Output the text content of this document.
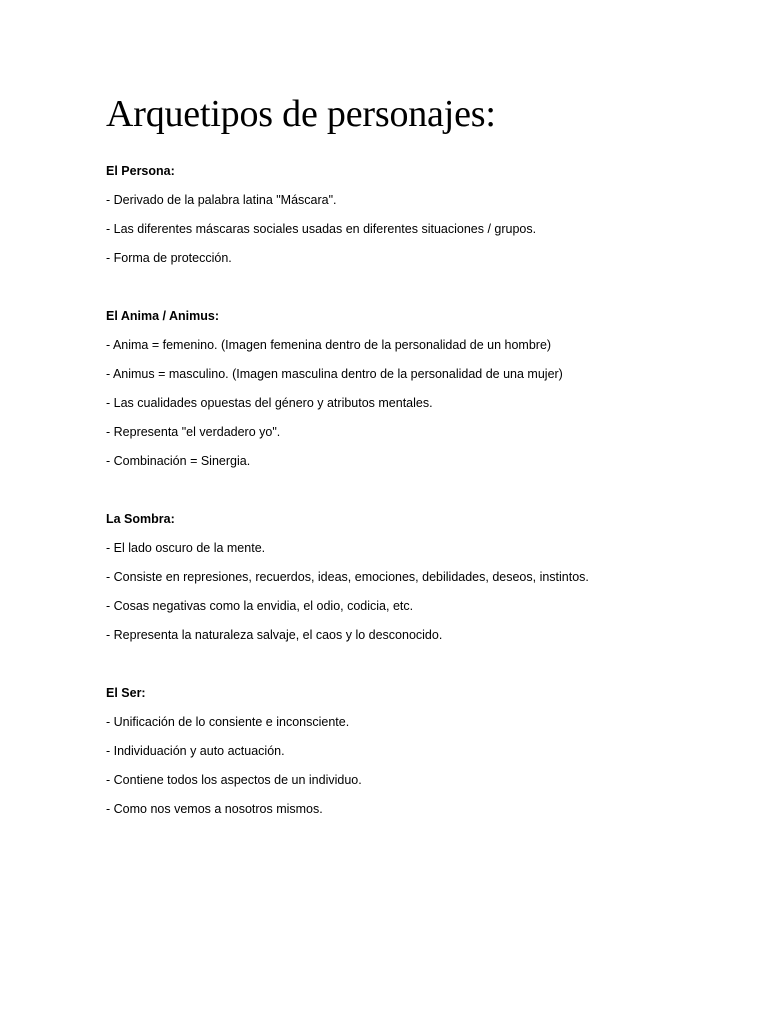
Arquetipos de personajes:

El Persona:

- Derivado de la palabra latina "Máscara".

- Las diferentes máscaras sociales usadas en diferentes situaciones / grupos.

- Forma de protección.

El Anima / Animus:

- Anima = femenino. (Imagen femenina dentro de la personalidad de un hombre)

- Animus = masculino. (Imagen masculina dentro de la personalidad de una mujer)

- Las cualidades opuestas del género y atributos mentales.

- Representa "el verdadero yo".

- Combinación = Sinergia.

La Sombra:

- El lado oscuro de la mente.

- Consiste en represiones, recuerdos, ideas, emociones, debilidades, deseos, instintos.

- Cosas negativas como la envidia, el odio, codicia, etc.

- Representa la naturaleza salvaje, el caos y lo desconocido.

El Ser:

- Unificación de lo consiente e inconsciente.

- Individuación y auto actuación.

- Contiene todos los aspectos de un individuo.

- Como nos vemos a nosotros mismos.
